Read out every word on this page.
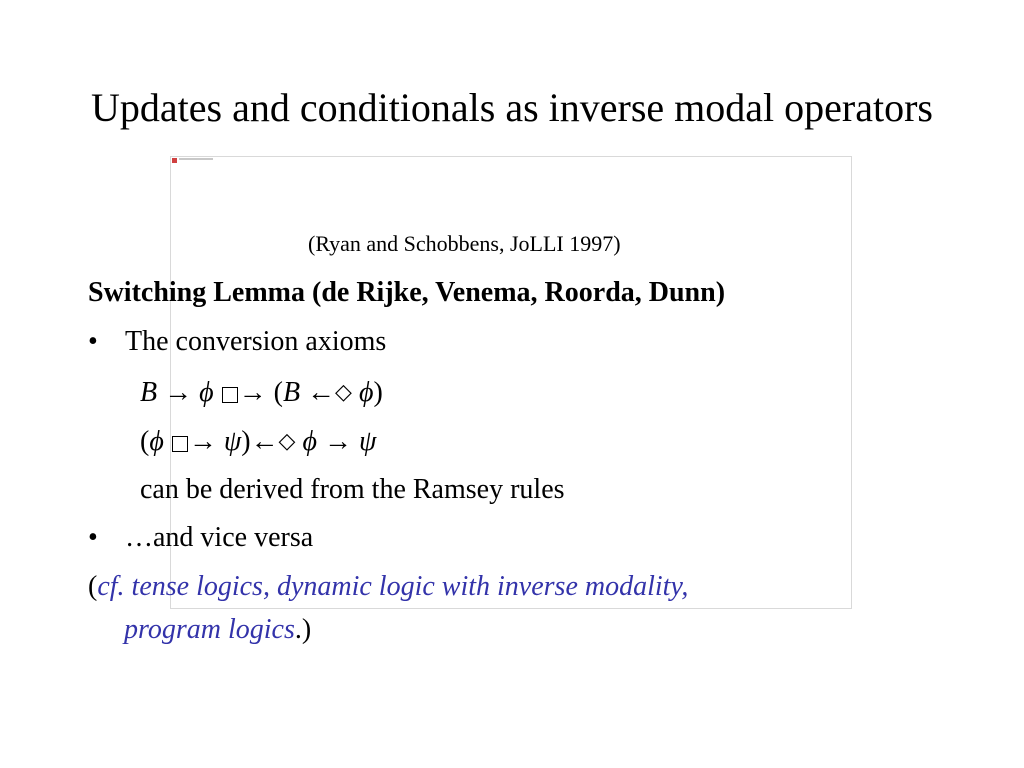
Updates and conditionals as inverse modal operators
(Ryan and Schobbens, JoLLI 1997)
Switching Lemma (de Rijke, Venema, Roorda, Dunn)
• The conversion axioms
B → ϕ → (B ←◇ ϕ)
(ϕ → ψ)←◇ ϕ → ψ
can be derived from the Ramsey rules
• …and vice versa
(cf. tense logics, dynamic logic with inverse modality,
program logics.)
